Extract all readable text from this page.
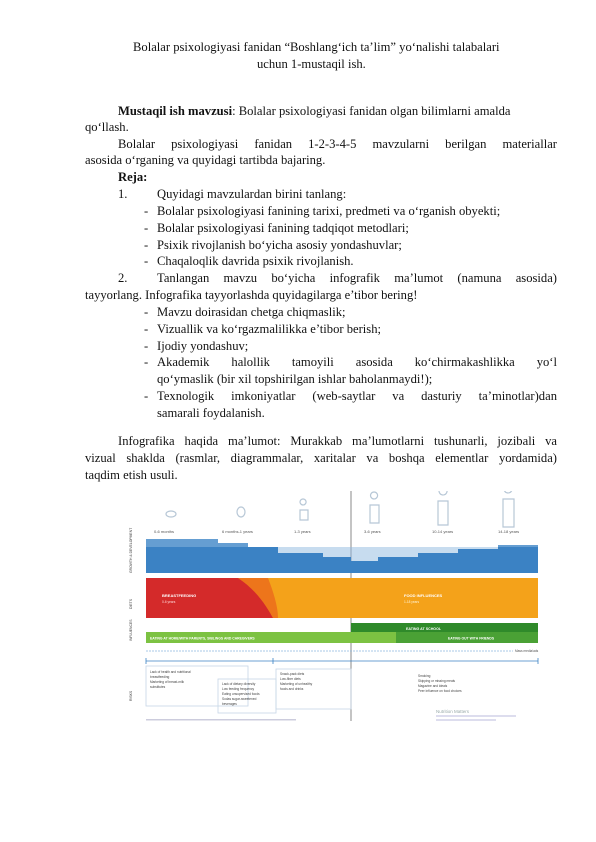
Bolalar psixologiyasi fanidan “Boshlang‘ich ta’lim” yo‘nalishi talabalari
uchun 1-mustaqil ish.
Mustaqil ish mavzusi: Bolalar psixologiyasi fanidan olgan bilimlarni amalda
qo‘llash.
Bolalar psixologiyasi fanidan 1-2-3-4-5 mavzularni berilgan materiallar
asosida o‘rganing va quyidagi tartibda bajaring.
Reja:
1. Quyidagi mavzulardan birini tanlang:
- Bolalar psixologiyasi fanining tarixi, predmeti va o‘rganish obyekti;
- Bolalar psixologiyasi fanining tadqiqot metodlari;
- Psixik rivojlanish bo‘yicha asosiy yondashuvlar;
- Chaqaloqlik davrida psixik rivojlanish.
2. Tanlangan mavzu bo‘yicha infografik ma’lumot (namuna asosida)
tayyorlang. Infografika tayyorlashda quyidagilarga e’tibor bering!
- Mavzu doirasidan chetga chiqmaslik;
- Vizuallik va ko‘rgazmalilikka e’tibor berish;
- Ijodiy yondashuv;
- Akademik halollik tamoyili asosida ko‘chirmakashlikka yo‘l
qo‘ymaslik (bir xil topshirilgan ishlar baholanmaydi!);
- Texnologik imkoniyatlar (web-saytlar va dasturiy ta’minotlar)dan
samarali foydalanish.
Infografika haqida ma’lumot: Murakkab ma’lumotlarni tushunarli, jozibali va
vizual shaklda (rasmlar, diagrammalar, xaritalar va boshqa elementlar yordamida)
taqdim etish usuli.
0-6 months	6 months-1 years	1-3 years	3-6 years	10-14 years	14-18 years
GROWTH & DEVELOPMENT
DIETS
INFLUENCES
RISKS
BREASTFEEDING
0-6 years
FOOD INFLUENCES
1-18 years
EATING AT SCHOOL
EATING AT HOME/WITH PARENTS, SIBLINGS AND CAREGIVERS	EATING OUT WITH FRIENDS
Mass media/ads
Lack of health and nutritional
breastfeeding
Marketing of breast-milk
substitutes
Lack of dietary diversity
Low feeding frequency
Eating unsupervised foods
Sodas sugar-sweetened
beverages
Snack-pack diets
Low-fiber diets
Marketing of unhealthy
foods and drinks
Smoking
Skipping or missing meals
Magazine and ideals
Peer influence on food choices
Nutrition Matters
